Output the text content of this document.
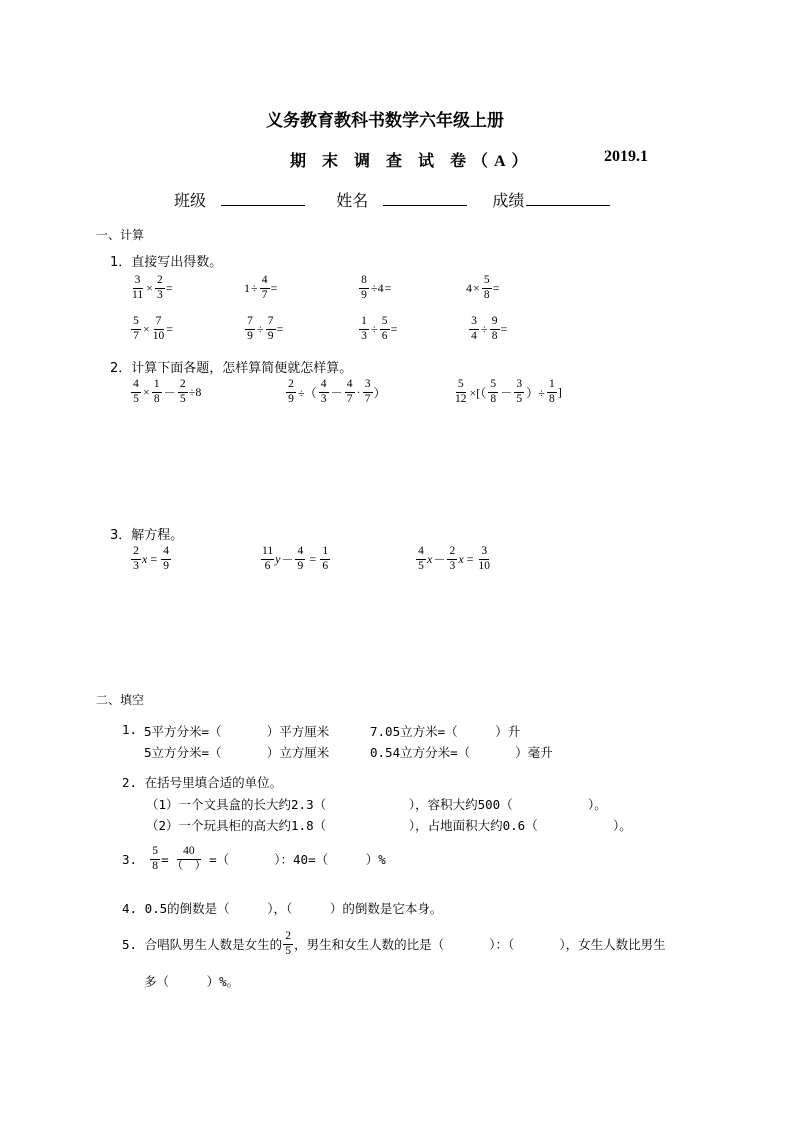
义务教育教科书数学六年级上册
期 末 调 查 试 卷（A）	2019.1
班级	姓名	成绩
一、计算
1．直接写出得数。
$\frac{3}{11} \times \frac{2}{3}$ =	$1 \div \frac{4}{7}$ =	$\frac{8}{9} \div 4$ =	$4 \times \frac{5}{8}$ =
$\frac{5}{7} \times \frac{7}{10}$ =	$\frac{7}{9} \div \frac{7}{9}$ =	$\frac{1}{3} \div \frac{5}{6}$ =	$\frac{3}{4} \div \frac{9}{8}$ =
2．计算下面各题，怎样算简便就怎样算。
$\frac{4}{5} \times \frac{1}{8} - \frac{2}{5} \div 8$	$\frac{2}{9}$ ÷（ $\frac{4}{3} - \frac{4}{7} \cdot \frac{3}{7}$ ）	$\frac{5}{12}$ ×[（ $\frac{5}{8} - \frac{3}{5}$ ）÷ $\frac{1}{8}$ ]
3．解方程。
$\frac{2}{3}$ $x = \frac{4}{9}$	$\frac{11}{6}$ $y - \frac{4}{9} = \frac{1}{6}$	$\frac{4}{5}$ $x - \frac{2}{3}$ $x = \frac{3}{10}$
二、填空
1. 5平方分米=（      ）平方厘米	7.05立方米=（     ）升
5立方分米=（      ）立方厘米	0.54立方分米=（      ）毫升
2. 在括号里填合适的单位。
（1）一个文具盒的长大约2.3（           ），容积大约500（          ）。
（2）一个玩具柜的高大约1.8（           ），占地面积大约0.6（          ）。
3. $\frac{5}{8} = \frac{40}{( )}$ =（      ）：40=（     ）%
4. 0.5的倒数是（     ），（     ）的倒数是它本身。
5. 合唱队男生人数是女生的 $\frac{2}{5}$ ，男生和女生人数的比是（      ）：（      ），女生人数比男生
多（     ）%。
